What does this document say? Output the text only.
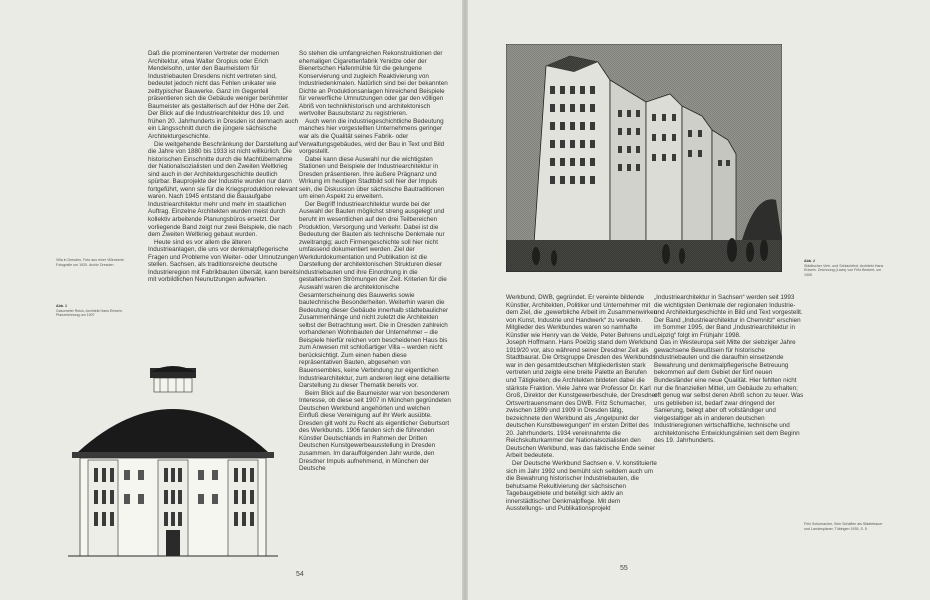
Daß die prominenteren Vertreter der modernen Architektur, etwa Walter Gropius oder Erich Mendelsohn, unter den Baumeistern für Industriebauten Dresdens nicht vertreten sind, bedeutet jedoch nicht das Fehlen unikater wie zeittypischer Bauwerke. Ganz im Gegenteil präsentieren sich die Gebäude weniger berühmter Baumeister als gestalterisch auf der Höhe der Zeit. Der Blick auf die Industriearchitektur des 19. und frühen 20. Jahrhunderts in Dresden ist demnach auch ein Längsschnitt durch die jüngere sächsische Architekturgeschichte.

Die weitgehende Beschränkung der Darstellung auf die Jahre von 1880 bis 1933 ist nicht willkürlich. Die historischen Einschnitte durch die Machtübernahme der Nationalsozialisten und den Zweiten Weltkrieg sind auch in der Architekturgeschichte deutlich spürbar. Bauprojekte der Industrie wurden nur dann fortgeführt, wenn sie für die Kriegsproduktion relevant waren. Nach 1945 entstand die Bauaufgabe Industriearchitektur mehr und mehr im staatlichen Auftrag. Einzelne Architekten wurden meist durch kollektiv arbeitende Planungsbüros ersetzt. Der vorliegende Band zeigt nur zwei Beispiele, die nach dem Zweiten Weltkrieg gebaut wurden.

Heute sind es vor allem die älteren Industrieanlagen, die uns vor denkmalpflegerische Fragen und Probleme von Weiter- oder Umnutzungen stellen. Sachsen, als traditionsreiche deutsche Industrieregion mit Fabrikbauten übersät, kann bereits mit vorbildlichen Neunutzungen aufwarten.

So stehen die umfangreichen Rekonstruktionen der ehemaligen Cigarettenfabrik Yenidze oder der Bienertschen Hafenmühle für die gelungene Konservierung und zugleich Reaktivierung von Industriedenkmalen. Natürlich sind bei der bekannten Dichte an Produktionsanlagen hinreichend Beispiele für verwerfliche Umnutzungen oder gar den völligen Abriß von technikhistorisch und architektonisch wertvoller Bausubstanz zu registrieren.

Auch wenn die industriegeschichtliche Bedeutung manches hier vorgestellten Unternehmens geringer war als die Qualität seines Fabrik- oder Verwaltungsgebäudes, wird der Bau in Text und Bild vorgestellt.

Dabei kann diese Auswahl nur die wichtigsten Stationen und Beispiele der Industriearchitektur in Dresden präsentieren. Ihre äußere Prägnanz und Wirkung im heutigen Stadtbild soll hier der Impuls sein, die Diskussion über sächsische Bautraditionen um einen Aspekt zu erweitern.

Der Begriff Industriearchitektur wurde bei der Auswahl der Bauten möglichst streng ausgelegt und beruht im wesentlichen auf den drei Teilbereichen Produktion, Versorgung und Verkehr. Dabei ist die Bedeutung der Bauten als technische Denkmale nur zweitrangig; auch Firmengeschichte soll hier nicht umfassend dokumentiert werden. Ziel der Werkdurdokumentation und Publikation ist die Darstellung der architektonischen Strukturen dieser Industriebauten und ihre Einordnung in die gestalterischen Strömungen der Zeit. Kriterien für die Auswahl waren die architektonische Gesamterscheinung des Bauwerks sowie bautechnische Besonderheiten. Weiterhin waren die Bedeutung dieser Gebäude innerhalb städtebaulicher Zusammenhänge und nicht zuletzt die Architekten selbst der Betrachtung wert. Die in Dresden zahlreich vorhandenen Wohnbauten der Unternehmer – die Beispiele hierfür reichen vom bescheidenen Haus bis zum Anwesen mit schloßartiger Villa – werden nicht berücksichtigt. Zum einen haben diese repräsentativen Bauten, abgesehen von Bauensembles, keine Verbindung zur eigentlichen Industriearchitektur, zum anderen liegt eine detaillierte Darstellung zu dieser Thematik bereits vor.

Beim Blick auf die Baumeister war von besonderem Interesse, ob diese seit 1907 in München gegründeten Deutschen Werkbund angehörten und welchen Einfluß diese Vereinigung auf ihr Werk ausübte. Dresden gilt wohl zu Recht als eigentlicher Geburtsort des Werkbunds. 1906 fanden sich die führenden Künstler Deutschlands im Rahmen der Dritten Deutschen Kunstgewerbeausstellung in Dresden zusammen. Im darauffolgenden Jahr wurde, den Dresdner Impuls aufnehmend, in München der Deutsche

Villa in Dresden, Foto aus einer Villenserie. Fotografie um 1920. Archiv Dresden
Abb. 1
Gasometer Reick, Architekt Hans Erlwein. Planzeichnung um 1907
54
Abb. 2
Städtischer Vieh- und Schlachthof, Architekt Hans Erlwein. Zeichnung (Lavis) von Fritz Beckert, um 1905

Werkbund, DWB, gegründet. Er vereinte bildende Künstler, Architekten, Politiker und Unternehmer mit dem Ziel, die „gewerbliche Arbeit im Zusammenwirken von Kunst, Industrie und Handwerk“ zu veredeln. Mitglieder des Werkbundes waren so namhafte Künstler wie Henry van de Velde, Peter Behrens und Joseph Hoffmann. Hans Poelzig stand dem Werkbund 1919/20 vor, also während seiner Dresdner Zeit als Stadtbaurat. Die Ortsgruppe Dresden des Werkbunds war in den gesamtdeutschen Mitgliederlisten stark vertreten und zeigte eine breite Palette an Berufen und Tätigkeiten; die Architekten bildeten dabei die stärkste Fraktion. Viele Jahre war Professor Dr. Karl Groß, Direktor der Kunstgewerbeschule, der Dresdner Ortsvertrauensmann des DWB. Fritz Schumacher, zwischen 1899 und 1909 in Dresden tätig, bezeichnete den Werkbund als „Angelpunkt der deutschen Kunstbewegungen“ im ersten Drittel des 20. Jahrhunderts. 1934 vereinnahmte die Reichskulturkammer der Nationalsozialisten den Deutschen Werkbund, was das faktische Ende seiner Arbeit bedeutete.

Der Deutsche Werkbund Sachsen e. V. konstituierte sich im Jahr 1992 und bemüht sich seitdem auch um die Bewahrung historischer Industriebauten, die behutsame Rekultivierung der sächsischen Tagebaugebiete und beteiligt sich aktiv an innerstädtischer Denkmalpflege. Mit dem Ausstellungs- und Publikationsprojekt

„Industriearchitektur in Sachsen“ werden seit 1993 die wichtigsten Denkmale der regionalen Industrie- und Architekturgeschichte in Bild und Text vorgestellt. Der Band „Industriearchitektur in Chemnitz“ erschien im Sommer 1995, der Band „Industriearchitektur in Leipzig“ folgt im Frühjahr 1998.

Das in Westeuropa seit Mitte der siebziger Jahre gewachsene Bewußtsein für historische Industriebauten und die daraufhin einsetzende Bewahrung und denkmalpflegerische Betreuung bekommen auf dem Gebiet der fünf neuen Bundesländer eine neue Qualität. Hier fehlten nicht nur die finanziellen Mittel, um Gebäude zu erhalten; oft genug war selbst deren Abriß schon zu teuer. Was uns geblieben ist, bedarf zwar dringend der Sanierung, belegt aber oft vollständiger und vielgestaltiger als in anderen deutschen Industrieregionen wirtschaftliche, technische und architektonische Entwicklungslinien seit dem Beginn des 19. Jahrhunderts.

Fritz Schumacher, Sein Schaffen als Städtebauer und Landesplaner, Tübingen 1935, S. 5
55
